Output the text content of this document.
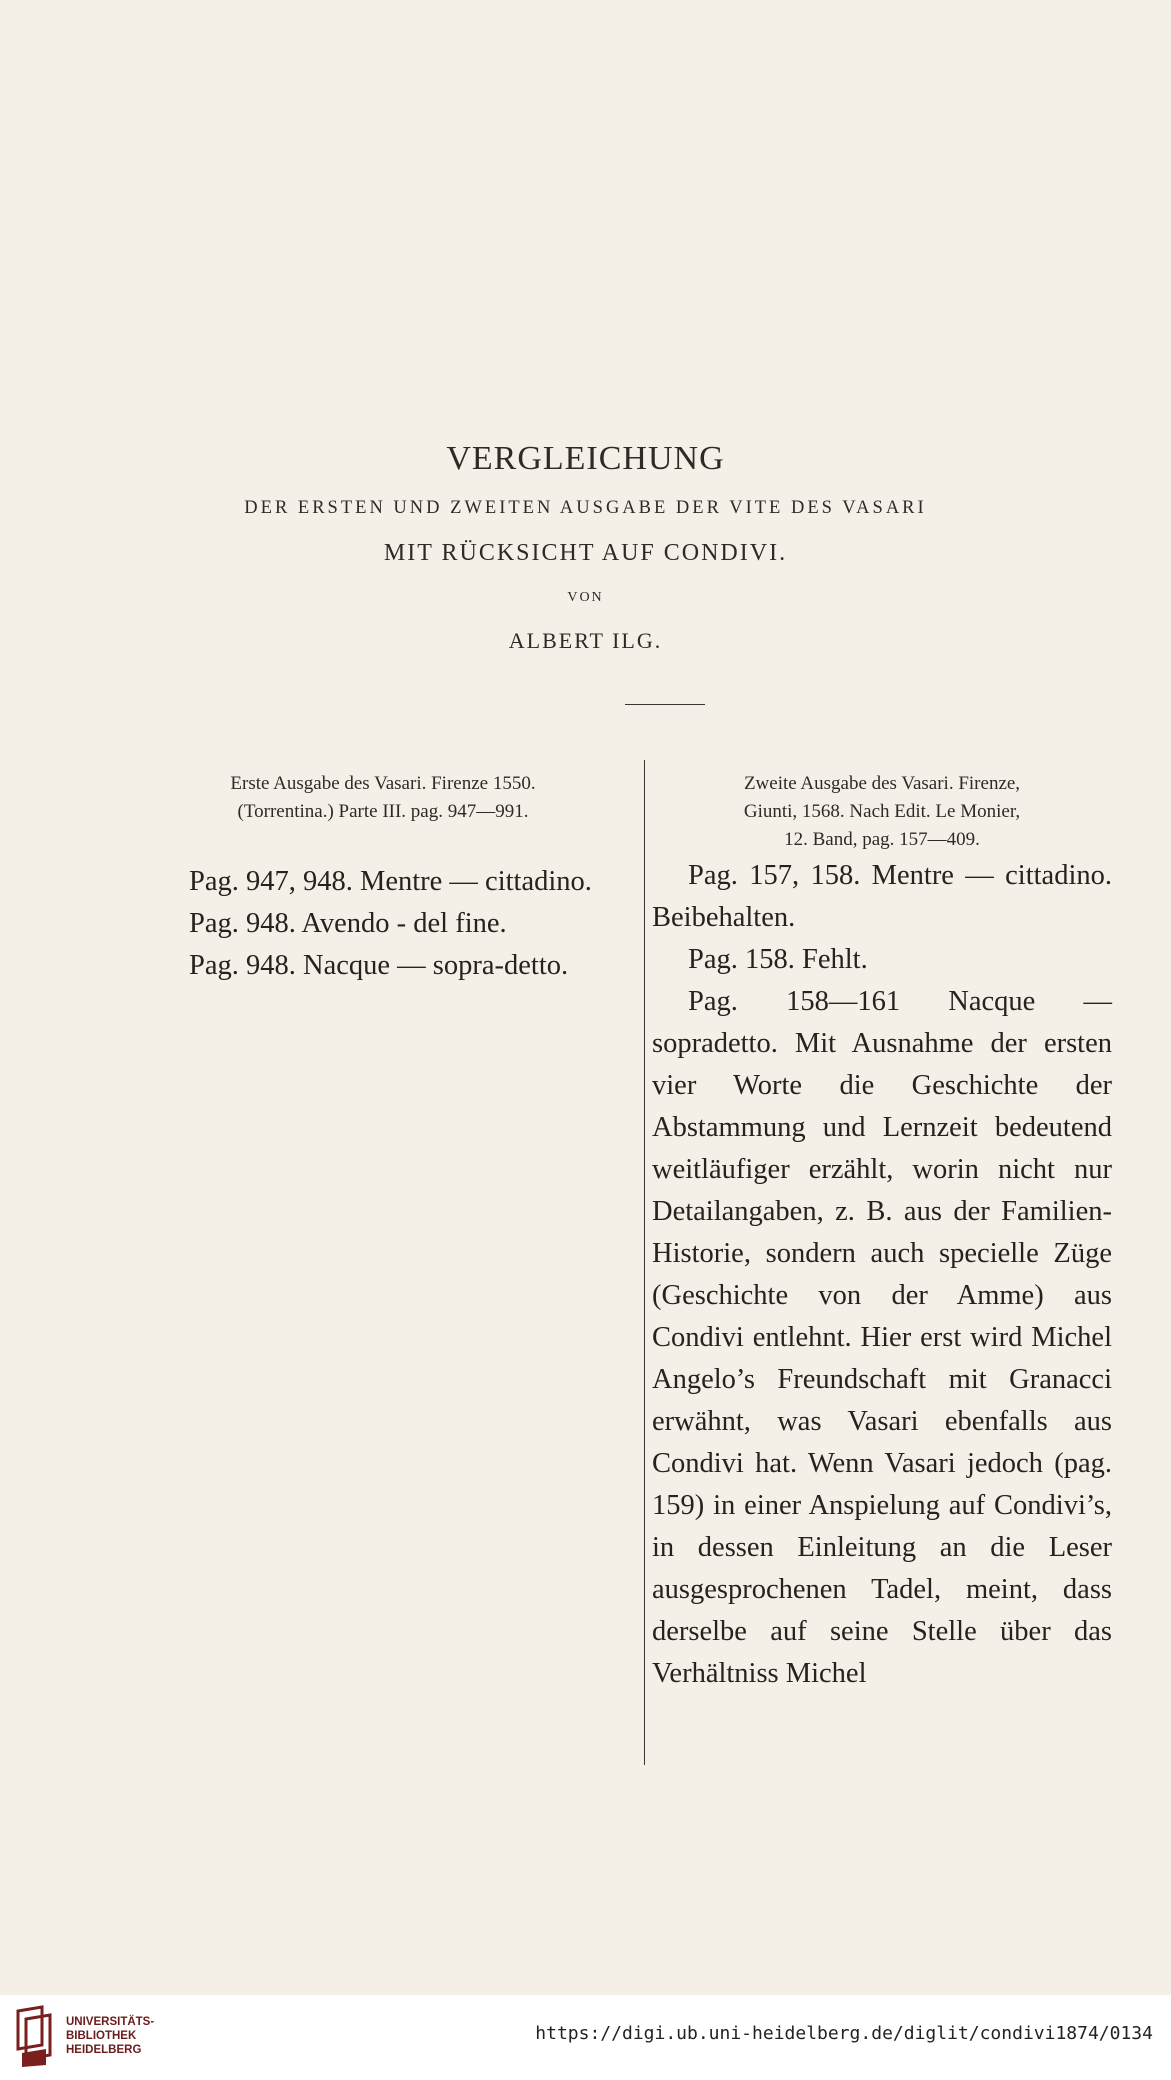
VERGLEICHUNG
DER ERSTEN UND ZWEITEN AUSGABE DER VITE DES VASARI
MIT RÜCKSICHT AUF CONDIVI.
VON
ALBERT ILG.
Erste Ausgabe des Vasari. Firenze 1550.
(Torrentina.) Parte III. pag. 947—991.
Zweite Ausgabe des Vasari. Firenze,
Giunti, 1568. Nach Edit. Le Monier,
12. Band, pag. 157—409.

Pag. 947, 948. Mentre — cittadino.

Pag. 948. Avendo - del fine.

Pag. 948. Nacque — sopra-detto.

Pag. 157, 158. Mentre — cittadino. Beibehalten.

Pag. 158. Fehlt.

Pag. 158—161 Nacque — sopradetto. Mit Ausnahme der ersten vier Worte die Geschichte der Abstammung und Lernzeit bedeutend weitläufiger erzählt, worin nicht nur Detailangaben, z. B. aus der Familien-Historie, sondern auch specielle Züge (Geschichte von der Amme) aus Condivi entlehnt. Hier erst wird Michel Angelo’s Freundschaft mit Granacci erwähnt, was Vasari ebenfalls aus Condivi hat. Wenn Vasari jedoch (pag. 159) in einer Anspielung auf Condivi’s, in dessen Einleitung an die Leser ausgesprochenen Tadel, meint, dass derselbe auf seine Stelle über das Verhältniss Michel

UNIVERSITÄTS-
BIBLIOTHEK
HEIDELBERG
https://digi.ub.uni-heidelberg.de/diglit/condivi1874/0134
